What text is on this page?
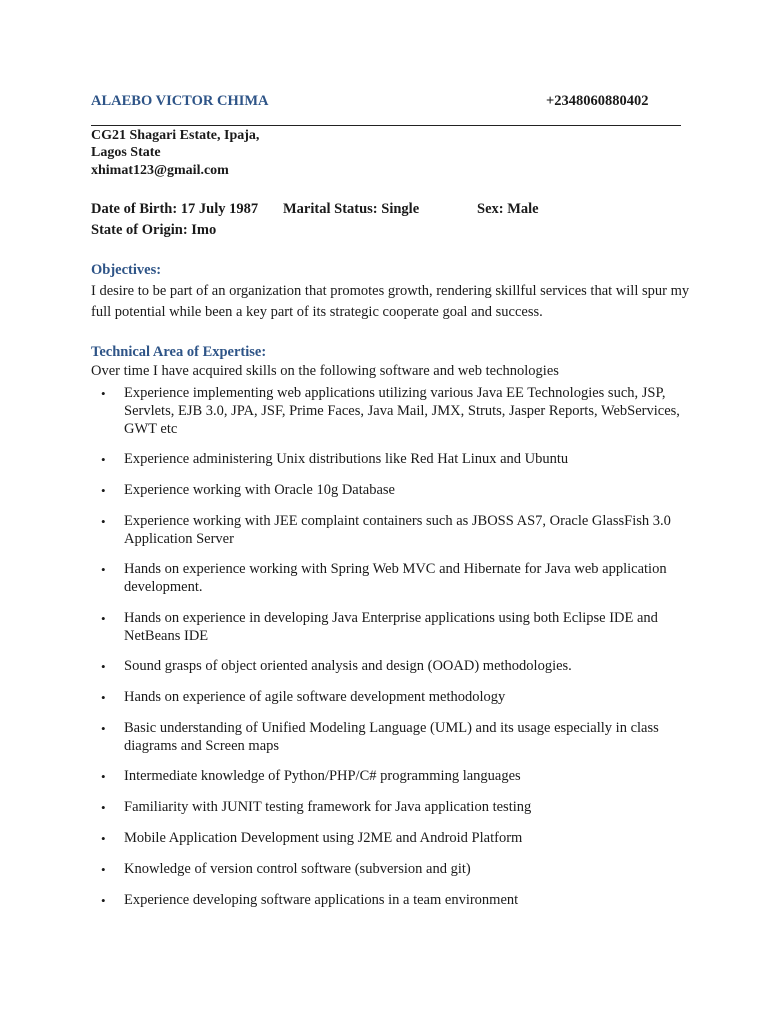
ALAEBO VICTOR CHIMA	+2348060880402
CG21 Shagari Estate, Ipaja,
Lagos State
xhimat123@gmail.com
Date of Birth: 17 July 1987 Marital Status: Single	Sex: Male
State of Origin: Imo
Objectives:
I desire to be part of an organization that promotes growth, rendering skillful services that will spur my full potential while been a key part of its strategic cooperate goal and success.
Technical Area of Expertise:
Over time I have acquired skills on the following software and web technologies
• Experience implementing web applications utilizing various Java EE Technologies such, JSP, Servlets, EJB 3.0, JPA, JSF, Prime Faces, Java Mail, JMX, Struts, Jasper Reports, WebServices, GWT etc
• Experience administering Unix distributions like Red Hat Linux and Ubuntu
• Experience working with Oracle 10g Database
• Experience working with JEE complaint containers such as JBOSS AS7, Oracle GlassFish 3.0 Application Server
• Hands on experience working with Spring Web MVC and Hibernate for Java web application development.
• Hands on experience in developing Java Enterprise applications using both Eclipse IDE and NetBeans IDE
• Sound grasps of object oriented analysis and design (OOAD) methodologies.
• Hands on experience of agile software development methodology
• Basic understanding of Unified Modeling Language (UML) and its usage especially in class diagrams and Screen maps
• Intermediate knowledge of Python/PHP/C# programming languages
• Familiarity with JUNIT testing framework for Java application testing
• Mobile Application Development using J2ME and Android Platform
• Knowledge of version control software (subversion and git)
• Experience developing software applications in a team environment
